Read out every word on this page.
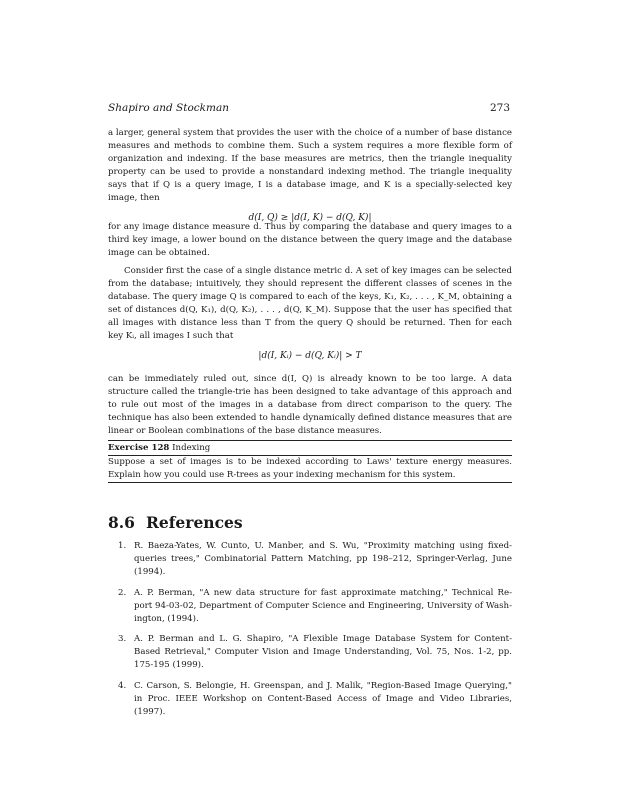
Shapiro and Stockman	273
a larger, general system that provides the user with the choice of a number of base distance
measures and methods to combine them. Such a system requires a more flexible form of
organization and indexing. If the base measures are metrics, then the triangle inequality
property can be used to provide a nonstandard indexing method. The triangle inequality
says that if Q is a query image, I is a database image, and K is a specially-selected key
image, then
d(I, Q) ≥ |d(I, K) − d(Q, K)|
for any image distance measure d. Thus by comparing the database and query images to a
third key image, a lower bound on the distance between the query image and the database
image can be obtained.
Consider first the case of a single distance metric d. A set of key images can be selected
from the database; intuitively, they should represent the different classes of scenes in the
database. The query image Q is compared to each of the keys, K₁, K₂, . . . , K_M, obtaining a
set of distances d(Q, K₁), d(Q, K₂), . . . , d(Q, K_M). Suppose that the user has specified that
all images with distance less than T from the query Q should be returned. Then for each
key Kᵢ, all images I such that
|d(I, Kᵢ) − d(Q, Kᵢ)| > T
can be immediately ruled out, since d(I, Q) is already known to be too large. A data
structure called the triangle-trie has been designed to take advantage of this approach and
to rule out most of the images in a database from direct comparison to the query. The
technique has also been extended to handle dynamically defined distance measures that are
linear or Boolean combinations of the base distance measures.
Exercise 128 Indexing
Suppose a set of images is to be indexed according to Laws' texture energy measures.
Explain how you could use R-trees as your indexing mechanism for this system.
8.6 References
1. R. Baeza-Yates, W. Cunto, U. Manber, and S. Wu, "Proximity matching using fixed-
queries trees," Combinatorial Pattern Matching, pp 198–212, Springer-Verlag, June
(1994).
2. A. P. Berman, "A new data structure for fast approximate matching," Technical Re-
port 94-03-02, Department of Computer Science and Engineering, University of Wash-
ington, (1994).
3. A. P. Berman and L. G. Shapiro, "A Flexible Image Database System for Content-
Based Retrieval," Computer Vision and Image Understanding, Vol. 75, Nos. 1-2, pp.
175-195 (1999).
4. C. Carson, S. Belongie, H. Greenspan, and J. Malik, "Region-Based Image Querying,"
in Proc. IEEE Workshop on Content-Based Access of Image and Video Libraries,
(1997).
